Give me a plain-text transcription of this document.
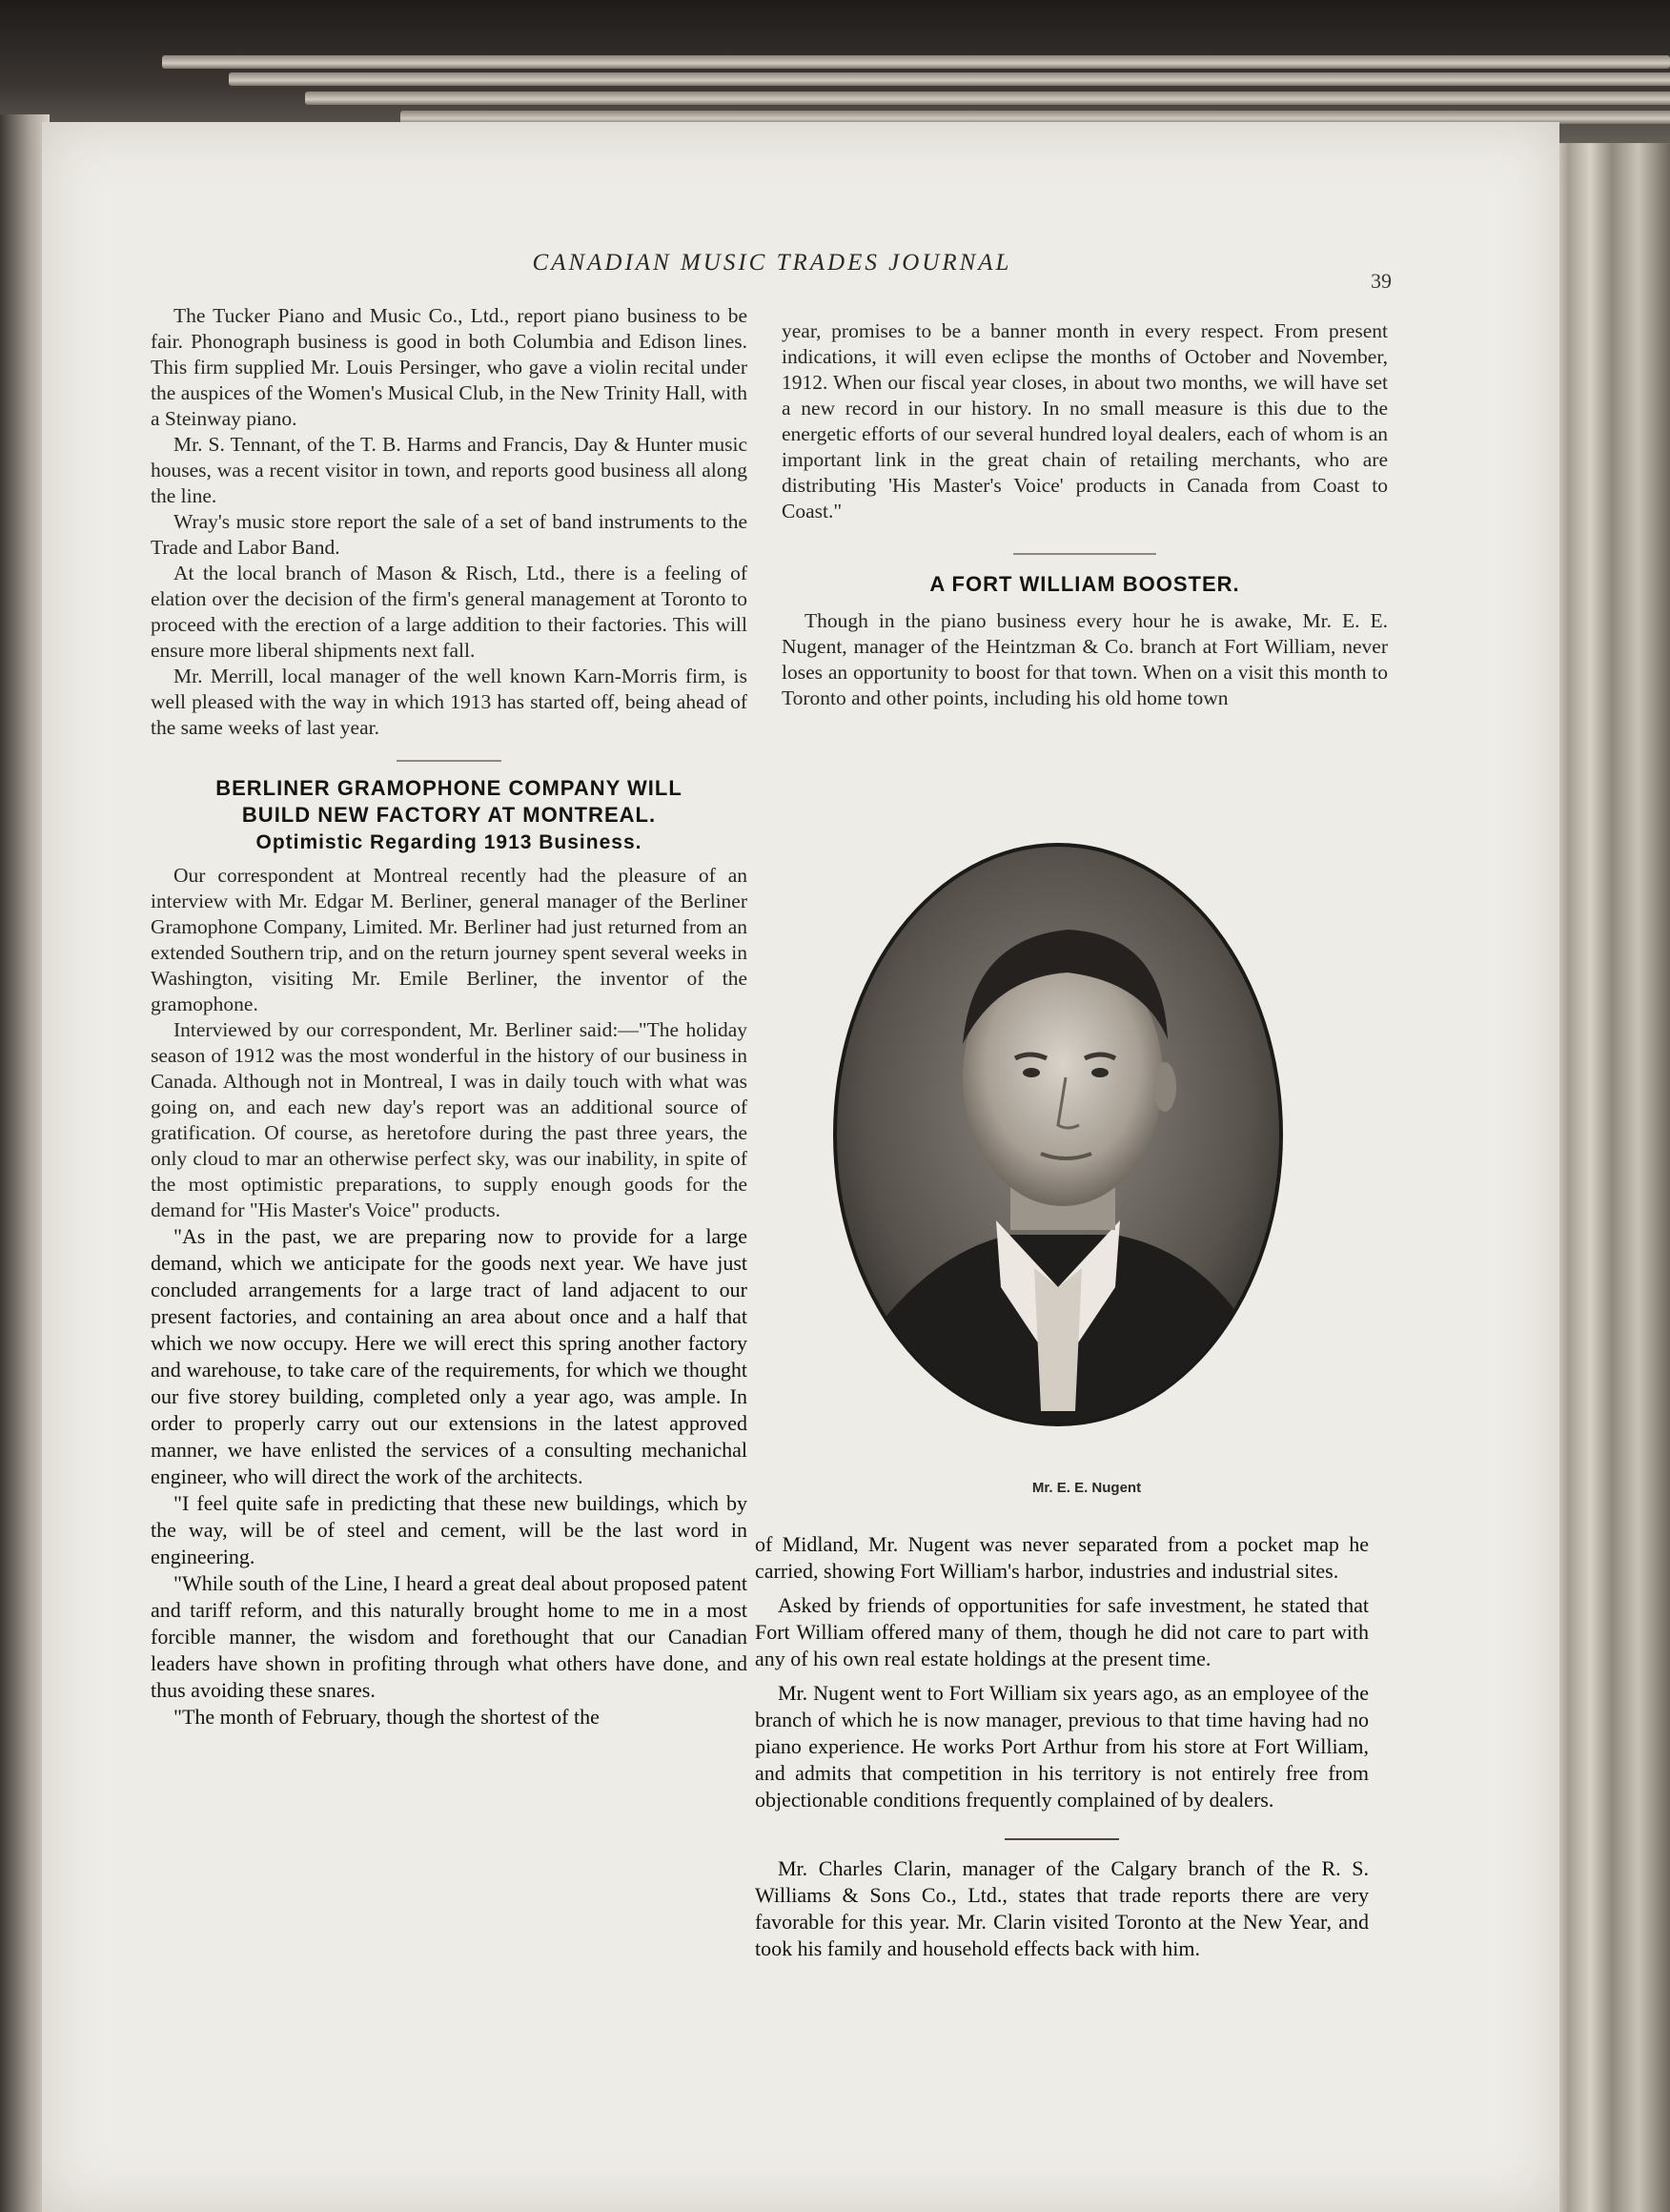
CANADIAN MUSIC TRADES JOURNAL
39

The Tucker Piano and Music Co., Ltd., report piano business to be fair. Phonograph business is good in both Columbia and Edison lines. This firm supplied Mr. Louis Persinger, who gave a violin recital under the auspices of the Women's Musical Club, in the New Trinity Hall, with a Steinway piano.

Mr. S. Tennant, of the T. B. Harms and Francis, Day & Hunter music houses, was a recent visitor in town, and reports good business all along the line.

Wray's music store report the sale of a set of band instruments to the Trade and Labor Band.

At the local branch of Mason & Risch, Ltd., there is a feeling of elation over the decision of the firm's general management at Toronto to proceed with the erection of a large addition to their factories. This will ensure more liberal shipments next fall.

Mr. Merrill, local manager of the well known Karn-Morris firm, is well pleased with the way in which 1913 has started off, being ahead of the same weeks of last year.

BERLINER GRAMOPHONE COMPANY WILL
BUILD NEW FACTORY AT MONTREAL.
Optimistic Regarding 1913 Business.

Our correspondent at Montreal recently had the pleasure of an interview with Mr. Edgar M. Berliner, general manager of the Berliner Gramophone Company, Limited. Mr. Berliner had just returned from an extended Southern trip, and on the return journey spent several weeks in Washington, visiting Mr. Emile Berliner, the inventor of the gramophone.

Interviewed by our correspondent, Mr. Berliner said:—"The holiday season of 1912 was the most wonderful in the history of our business in Canada. Although not in Montreal, I was in daily touch with what was going on, and each new day's report was an additional source of gratification. Of course, as heretofore during the past three years, the only cloud to mar an otherwise perfect sky, was our inability, in spite of the most optimistic preparations, to supply enough goods for the demand for "His Master's Voice" products.

"As in the past, we are preparing now to provide for a large demand, which we anticipate for the goods next year. We have just concluded arrangements for a large tract of land adjacent to our present factories, and containing an area about once and a half that which we now occupy. Here we will erect this spring another factory and warehouse, to take care of the requirements, for which we thought our five storey building, completed only a year ago, was ample. In order to properly carry out our extensions in the latest approved manner, we have enlisted the services of a consulting mechanichal engineer, who will direct the work of the architects.

"I feel quite safe in predicting that these new buildings, which by the way, will be of steel and cement, will be the last word in engineering.

"While south of the Line, I heard a great deal about proposed patent and tariff reform, and this naturally brought home to me in a most forcible manner, the wisdom and forethought that our Canadian leaders have shown in profiting through what others have done, and thus avoiding these snares.

"The month of February, though the shortest of the

year, promises to be a banner month in every respect. From present indications, it will even eclipse the months of October and November, 1912. When our fiscal year closes, in about two months, we will have set a new record in our history. In no small measure is this due to the energetic efforts of our several hundred loyal dealers, each of whom is an important link in the great chain of retailing merchants, who are distributing 'His Master's Voice' products in Canada from Coast to Coast."

A FORT WILLIAM BOOSTER.

Though in the piano business every hour he is awake, Mr. E. E. Nugent, manager of the Heintzman & Co. branch at Fort William, never loses an opportunity to boost for that town. When on a visit this month to Toronto and other points, including his old home town

Mr. E. E. Nugent

of Midland, Mr. Nugent was never separated from a pocket map he carried, showing Fort William's harbor, industries and industrial sites.

Asked by friends of opportunities for safe investment, he stated that Fort William offered many of them, though he did not care to part with any of his own real estate holdings at the present time.

Mr. Nugent went to Fort William six years ago, as an employee of the branch of which he is now manager, previous to that time having had no piano experience. He works Port Arthur from his store at Fort William, and admits that competition in his territory is not entirely free from objectionable conditions frequently complained of by dealers.

Mr. Charles Clarin, manager of the Calgary branch of the R. S. Williams & Sons Co., Ltd., states that trade reports there are very favorable for this year. Mr. Clarin visited Toronto at the New Year, and took his family and household effects back with him.
